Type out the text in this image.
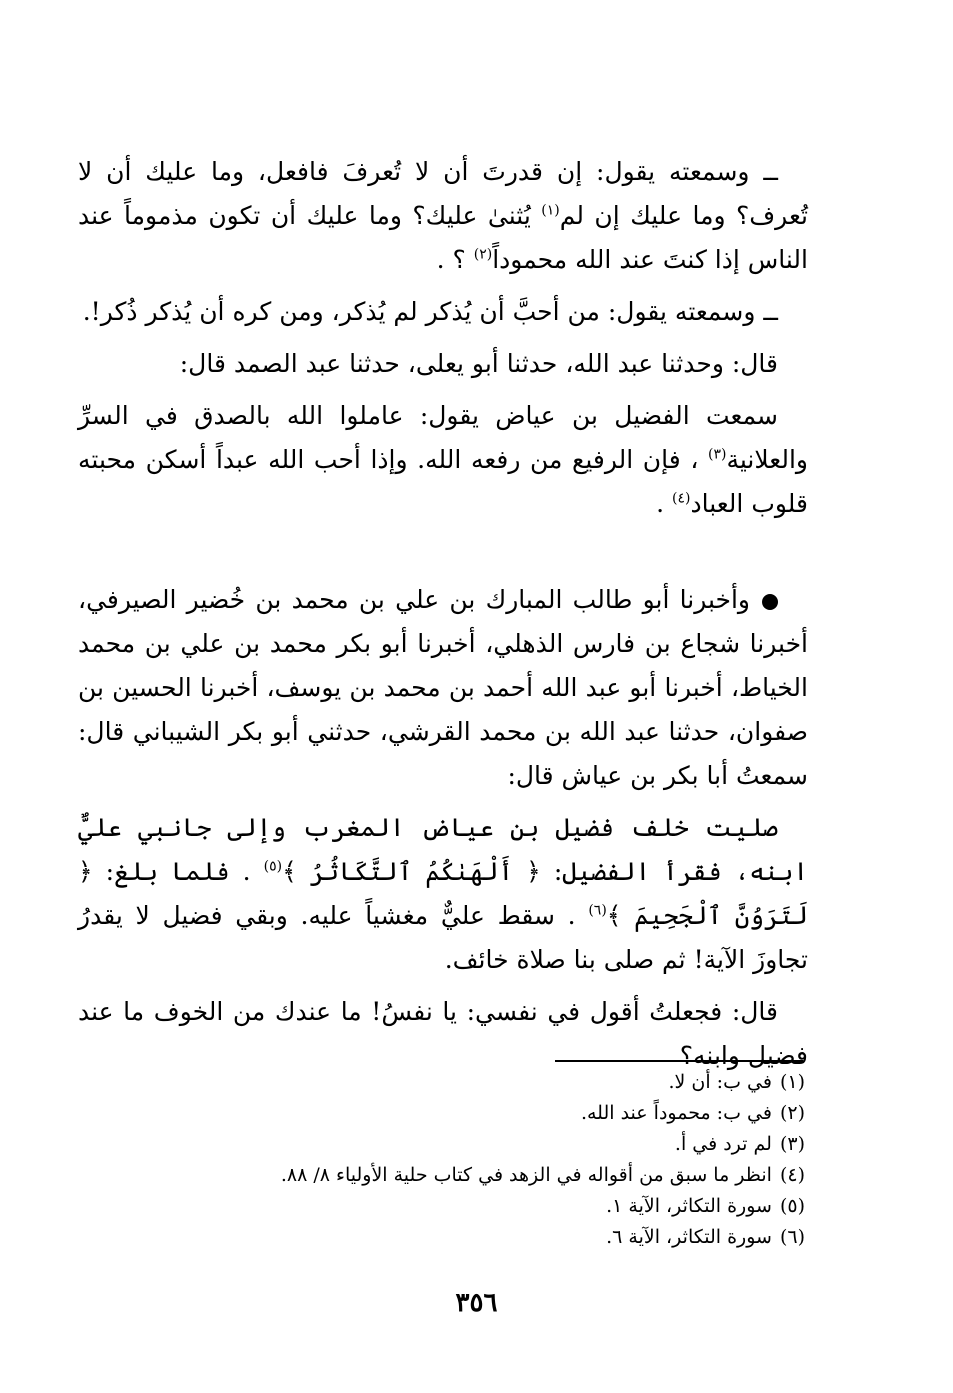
ــ وسمعته يقول: إن قدرتَ أن لا تُعرفَ فافعل، وما عليك أن لا تُعرف؟ وما عليك إن لم$^{(١)}$ يُثنىٰ عليك؟ وما عليك أن تكون مذموماً عند الناس إذا كنتَ عند الله محموداً$^{(٢)}$ ؟ .

ــ وسمعته يقول: من أحبَّ أن يُذكر لم يُذكر، ومن كره أن يُذكر ذُكر!.

قال: وحدثنا عبد الله، حدثنا أبو يعلى، حدثنا عبد الصمد قال:

سمعت الفضيل بن عياض يقول: عاملوا الله بالصدق في السرِّ والعلانية$^{(٣)}$ ، فإن الرفيع من رفعه الله. وإذا أحب الله عبداً أسكن محبته قلوب العباد$^{(٤)}$ .

وأخبرنا أبو طالب المبارك بن علي بن محمد بن خُضير الصيرفي، أخبرنا شجاع بن فارس الذهلي، أخبرنا أبو بكر محمد بن علي بن محمد الخياط، أخبرنا أبو عبد الله أحمد بن محمد بن يوسف، أخبرنا الحسين بن صفوان، حدثنا عبد الله بن محمد القرشي، حدثني أبو بكر الشيباني قال: سمعتُ أبا بكر بن عياش قال:

صليت خلف فضيل بن عياض المغرب وإلى جانبي عليٌّ ابنه، فقرأ الفضيل: ﴿ أَلْهَىٰكُمُ ٱلتَّكَاثُرُ ﴾$^{(٥)}$ . فلما بلغ: ﴿ لَتَرَوُنَّ ٱلْجَحِيمَ ﴾$^{(٦)}$ . سقط عليٌّ مغشياً عليه. وبقي فضيل لا يقدرُ تجاوزَ الآية! ثم صلى بنا صلاة خائف.

قال: فجعلتُ أقول في نفسي: يا نفسُ! ما عندك من الخوف ما عند فضيل وابنه؟

(١)في ب: أن لا.
(٢)في ب: محموداً عند الله.
(٣)لم ترد في أ.
(٤)انظر ما سبق من أقواله في الزهد في كتاب حلية الأولياء ٨/ ٨٨.
(٥)سورة التكاثر، الآية ١.
(٦)سورة التكاثر، الآية ٦.
٣٥٦
